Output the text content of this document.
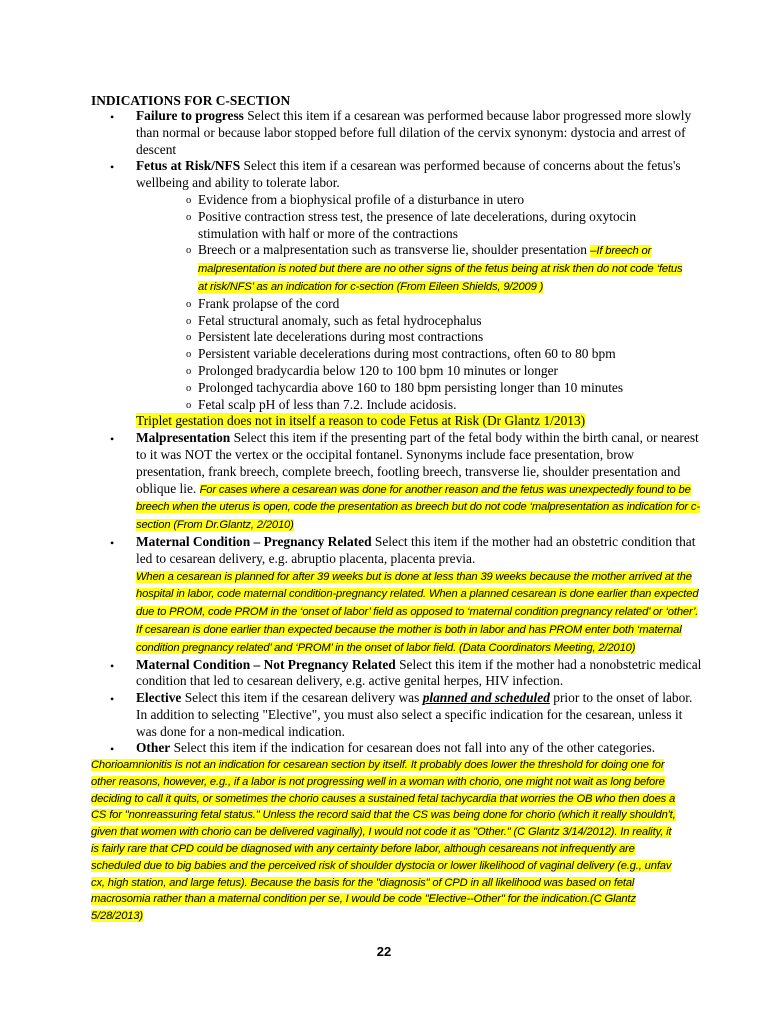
INDICATIONS FOR C-SECTION
• Failure to progress Select this item if a cesarean was performed because labor progressed more slowly than normal or because labor stopped before full dilation of the cervix synonym: dystocia and arrest of descent
• Fetus at Risk/NFS Select this item if a cesarean was performed because of concerns about the fetus's wellbeing and ability to tolerate labor.
o Evidence from a biophysical profile of a disturbance in utero
o Positive contraction stress test, the presence of late decelerations, during oxytocin stimulation with half or more of the contractions
o Breech or a malpresentation such as transverse lie, shoulder presentation –If breech or malpresentation is noted but there are no other signs of the fetus being at risk then do not code ‘fetus at risk/NFS’ as an indication for c-section (From Eileen Shields, 9/2009 )
o Frank prolapse of the cord
o Fetal structural anomaly, such as fetal hydrocephalus
o Persistent late decelerations during most contractions
o Persistent variable decelerations during most contractions, often 60 to 80 bpm
o Prolonged bradycardia below 120 to 100 bpm 10 minutes or longer
o Prolonged tachycardia above 160 to 180 bpm persisting longer than 10 minutes
o Fetal scalp pH of less than 7.2. Include acidosis.
Triplet gestation does not in itself a reason to code Fetus at Risk (Dr Glantz 1/2013)
• Malpresentation Select this item if the presenting part of the fetal body within the birth canal, or nearest to it was NOT the vertex or the occipital fontanel. Synonyms include face presentation, brow presentation, frank breech, complete breech, footling breech, transverse lie, shoulder presentation and oblique lie. For cases where a cesarean was done for another reason and the fetus was unexpectedly found to be breech when the uterus is open, code the presentation as breech but do not code ‘malpresentation as indication for c-section (From Dr.Glantz, 2/2010)
• Maternal Condition – Pregnancy Related Select this item if the mother had an obstetric condition that led to cesarean delivery, e.g. abruptio placenta, placenta previa.
When a cesarean is planned for after 39 weeks but is done at less than 39 weeks because the mother arrived at the hospital in labor, code maternal condition-pregnancy related. When a planned cesarean is done earlier than expected due to PROM, code PROM in the ‘onset of labor’ field as opposed to ‘maternal condition pregnancy related’ or ‘other’. If cesarean is done earlier than expected because the mother is both in labor and has PROM enter both ‘maternal condition pregnancy related’ and ‘PROM’ in the onset of labor field. (Data Coordinators Meeting, 2/2010)
• Maternal Condition – Not Pregnancy Related Select this item if the mother had a nonobstetric medical condition that led to cesarean delivery, e.g. active genital herpes, HIV infection.
• Elective Select this item if the cesarean delivery was planned and scheduled prior to the onset of labor. In addition to selecting "Elective", you must also select a specific indication for the cesarean, unless it was done for a non-medical indication.
• Other Select this item if the indication for cesarean does not fall into any of the other categories.
Chorioamnionitis is not an indication for cesarean section by itself. It probably does lower the threshold for doing one for other reasons, however, e.g., if a labor is not progressing well in a woman with chorio, one might not wait as long before deciding to call it quits, or sometimes the chorio causes a sustained fetal tachycardia that worries the OB who then does a CS for "nonreassuring fetal status." Unless the record said that the CS was being done for chorio (which it really shouldn't, given that women with chorio can be delivered vaginally), I would not code it as "Other." (C Glantz 3/14/2012). In reality, it is fairly rare that CPD could be diagnosed with any certainty before labor, although cesareans not infrequently are scheduled due to big babies and the perceived risk of shoulder dystocia or lower likelihood of vaginal delivery (e.g., unfav cx, high station, and large fetus). Because the basis for the "diagnosis" of CPD in all likelihood was based on fetal macrosomia rather than a maternal condition per se, I would be code "Elective--Other" for the indication.(C Glantz 5/28/2013)
22
